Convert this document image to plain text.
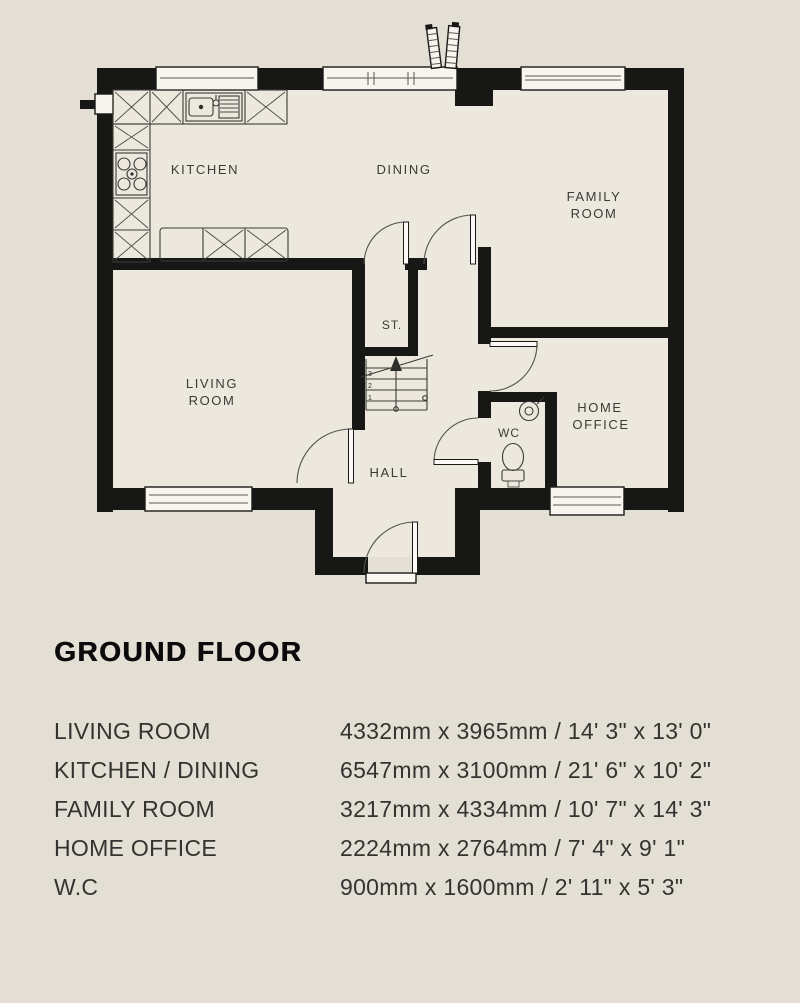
3
2
1
KITCHEN	DINING
FAMILY
ROOM
LIVING
ROOM
ST.
HALL
WC
HOME
OFFICE
GROUND FLOOR
LIVING ROOM	4332mm x 3965mm / 14' 3" x 13' 0"
KITCHEN / DINING	6547mm x 3100mm / 21' 6" x 10' 2"
FAMILY ROOM	3217mm x 4334mm / 10' 7" x 14' 3"
HOME OFFICE	2224mm x 2764mm / 7' 4" x 9' 1"
W.C	900mm x 1600mm / 2' 11" x 5' 3"
